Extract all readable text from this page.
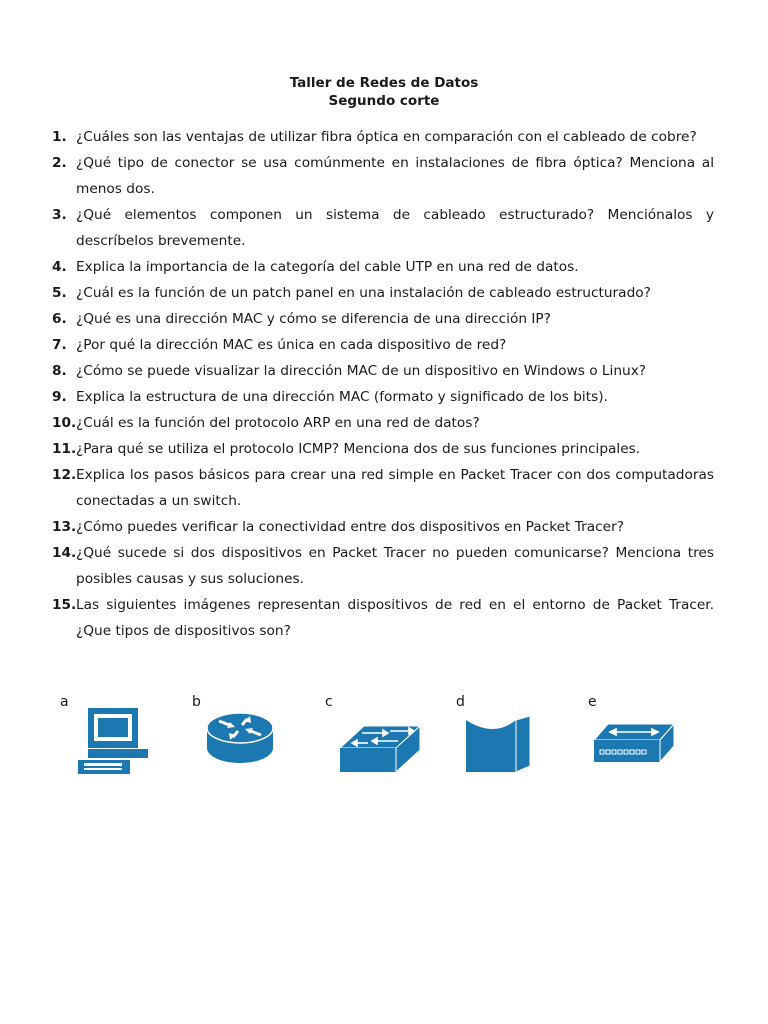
Taller de Redes de Datos
Segundo corte
1. ¿Cuáles son las ventajas de utilizar fibra óptica en comparación con el cableado de cobre?
2. ¿Qué tipo de conector se usa comúnmente en instalaciones de fibra óptica? Menciona al menos dos.
3. ¿Qué elementos componen un sistema de cableado estructurado? Menciónalos y descríbelos brevemente.
4. Explica la importancia de la categoría del cable UTP en una red de datos.
5. ¿Cuál es la función de un patch panel en una instalación de cableado estructurado?
6. ¿Qué es una dirección MAC y cómo se diferencia de una dirección IP?
7. ¿Por qué la dirección MAC es única en cada dispositivo de red?
8. ¿Cómo se puede visualizar la dirección MAC de un dispositivo en Windows o Linux?
9. Explica la estructura de una dirección MAC (formato y significado de los bits).
10. ¿Cuál es la función del protocolo ARP en una red de datos?
11. ¿Para qué se utiliza el protocolo ICMP? Menciona dos de sus funciones principales.
12. Explica los pasos básicos para crear una red simple en Packet Tracer con dos computadoras conectadas a un switch.
13. ¿Cómo puedes verificar la conectividad entre dos dispositivos en Packet Tracer?
14. ¿Qué sucede si dos dispositivos en Packet Tracer no pueden comunicarse? Menciona tres posibles causas y sus soluciones.
15. Las siguientes imágenes representan dispositivos de red en el entorno de Packet Tracer. ¿Que tipos de dispositivos son?
a	b	c	d	e
